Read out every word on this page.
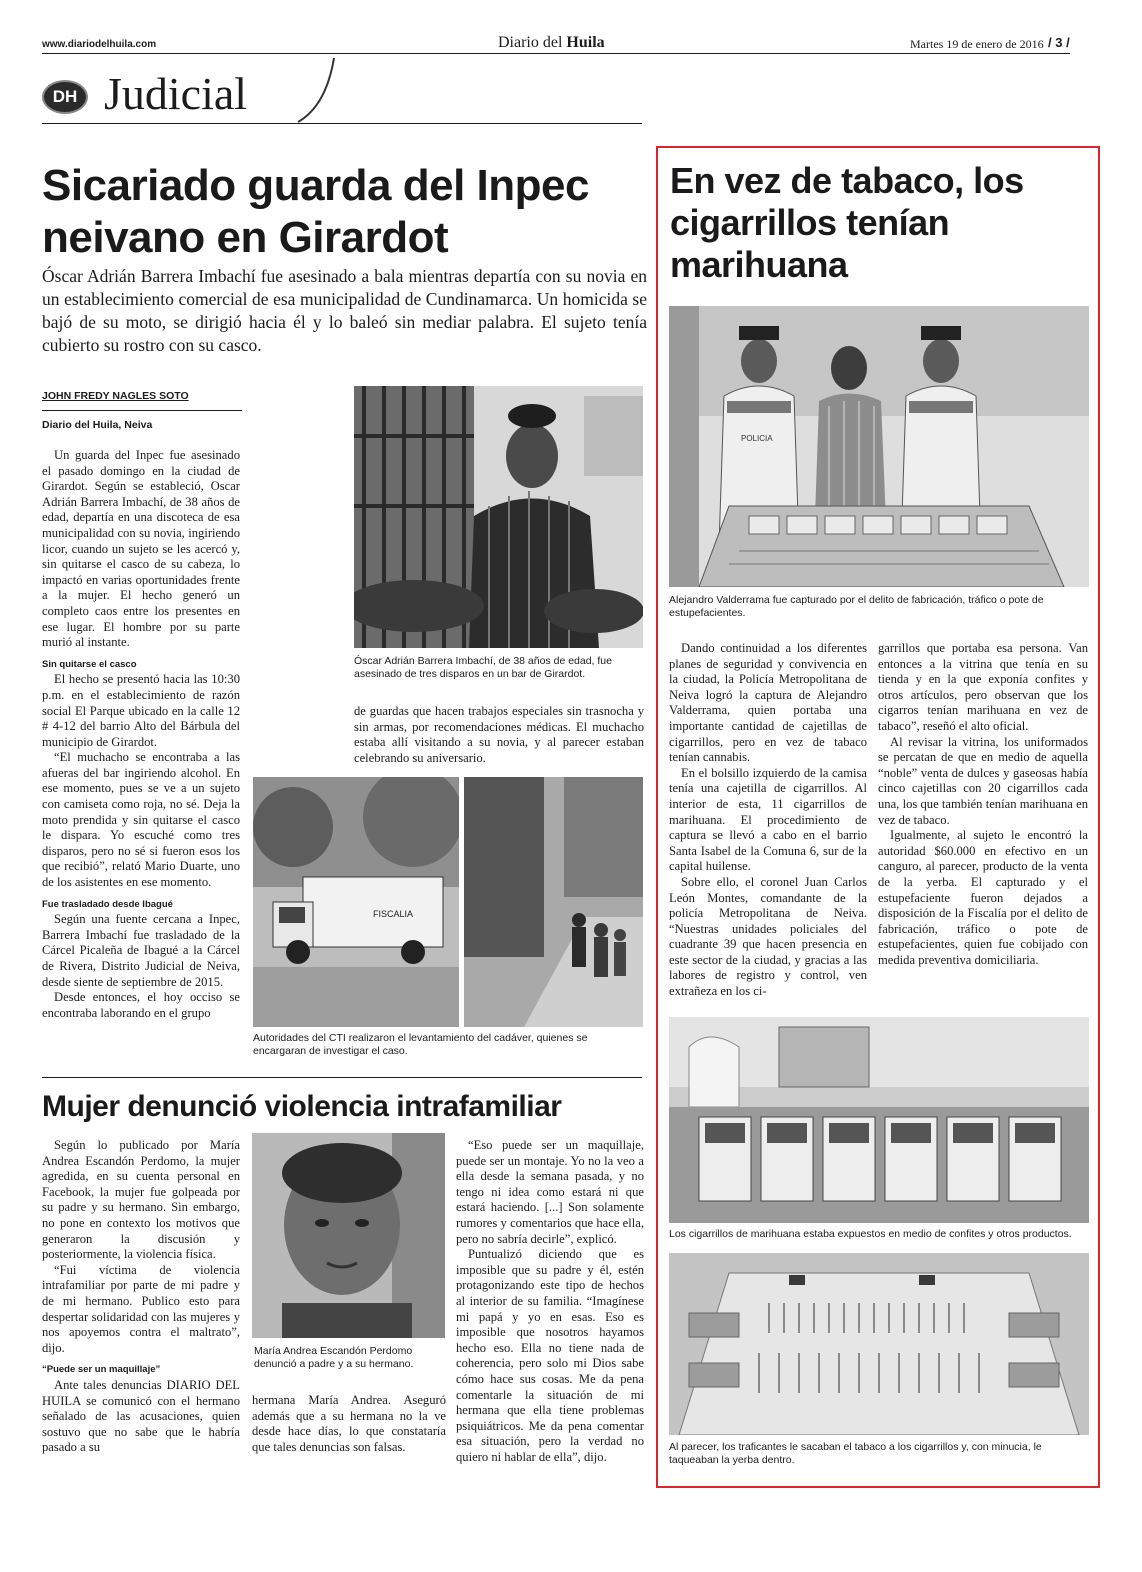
www.diariodelhuila.com	Diario del Huila	Martes 19 de enero de 2016 / 3 /
DH Judicial
Sicariado guarda del Inpec neivano en Girardot
Óscar Adrián Barrera Imbachí fue asesinado a bala mientras departía con su novia en un establecimiento comercial de esa municipalidad de Cundinamarca. Un homicida se bajó de su moto, se dirigió hacia él y lo baleó sin mediar palabra. El sujeto tenía cubierto su rostro con su casco.
JOHN FREDY NAGLES SOTO
Diario del Huila, Neiva

Un guarda del Inpec fue asesinado el pasado domingo en la ciudad de Girardot. Según se estableció, Oscar Adrián Barrera Imbachí, de 38 años de edad, departía en una discoteca de esa municipalidad con su novia, ingiriendo licor, cuando un sujeto se les acercó y, sin quitarse el casco de su cabeza, lo impactó en varias oportunidades frente a la mujer. El hecho generó un completo caos entre los presentes en ese lugar. El hombre por su parte murió al instante.

Sin quitarse el casco

El hecho se presentó hacia las 10:30 p.m. en el establecimiento de razón social El Parque ubicado en la calle 12 # 4-12 del barrio Alto del Bárbula del municipio de Girardot.

“El muchacho se encontraba a las afueras del bar ingiriendo alcohol. En ese momento, pues se ve a un sujeto con camiseta como roja, no sé. Deja la moto prendida y sin quitarse el casco le dispara. Yo escuché como tres disparos, pero no sé si fueron esos los que recibió”, relató Mario Duarte, uno de los asistentes en ese momento.

Fue trasladado desde Ibagué

Según una fuente cercana a Inpec, Barrera Imbachí fue trasladado de la Cárcel Picaleña de Ibagué a la Cárcel de Rivera, Distrito Judicial de Neiva, desde siente de septiembre de 2015.

Desde entonces, el hoy occiso se encontraba laborando en el grupo

Óscar Adrián Barrera Imbachí, de 38 años de edad, fue asesinado de tres disparos en un bar de Girardot.

de guardas que hacen trabajos especiales sin trasnocha y sin armas, por recomendaciones médicas. El muchacho estaba allí visitando a su novia, y al parecer estaban celebrando su aniversario.

FISCALIA
Autoridades del CTI realizaron el levantamiento del cadáver, quienes se encargaran de investigar el caso.
En vez de tabaco, los cigarrillos tenían marihuana
POLICIA
Alejandro Valderrama fue capturado por el delito de fabricación, tráfico o pote de estupefacientes.

Dando continuidad a los diferentes planes de seguridad y convivencia en la ciudad, la Policía Metropolitana de Neiva logró la captura de Alejandro Valderrama, quien portaba una importante cantidad de cajetillas de cigarrillos, pero en vez de tabaco tenían cannabis.

En el bolsillo izquierdo de la camisa tenía una cajetilla de cigarrillos. Al interior de esta, 11 cigarrillos de marihuana. El procedimiento de captura se llevó a cabo en el barrio Santa Isabel de la Comuna 6, sur de la capital huilense.

Sobre ello, el coronel Juan Carlos León Montes, comandante de la policía Metropolitana de Neiva. “Nuestras unidades policiales del cuadrante 39 que hacen presencia en este sector de la ciudad, y gracias a las labores de registro y control, ven extrañeza en los ci-

garrillos que portaba esa persona. Van entonces a la vitrina que tenía en su tienda y en la que exponía confites y otros artículos, pero observan que los cigarros tenían marihuana en vez de tabaco”, reseñó el alto oficial.

Al revisar la vitrina, los uniformados se percatan de que en medio de aquella “noble” venta de dulces y gaseosas había cinco cajetillas con 20 cigarrillos cada una, los que también tenían marihuana en vez de tabaco.

Igualmente, al sujeto le encontró la autoridad $60.000 en efectivo en un canguro, al parecer, producto de la venta de la yerba. El capturado y el estupefaciente fueron dejados a disposición de la Fiscalía por el delito de fabricación, tráfico o pote de estupefacientes, quien fue cobijado con medida preventiva domiciliaria.

Los cigarrillos de marihuana estaba expuestos en medio de confites y otros productos.
Al parecer, los traficantes le sacaban el tabaco a los cigarrillos y, con minucia, le taqueaban la yerba dentro.
Mujer denunció violencia intrafamiliar

Según lo publicado por María Andrea Escandón Perdomo, la mujer agredida, en su cuenta personal en Facebook, la mujer fue golpeada por su padre y su hermano. Sin embargo, no pone en contexto los motivos que generaron la discusión y posteriormente, la violencia física.

“Fui víctima de violencia intrafamiliar por parte de mi padre y de mi hermano. Publico esto para despertar solidaridad con las mujeres y nos apoyemos contra el maltrato”, dijo.

“Puede ser un maquillaje”

Ante tales denuncias DIARIO DEL HUILA se comunicó con el hermano señalado de las acusaciones, quien sostuvo que no sabe que le habría pasado a su

María Andrea Escandón Perdomo denunció a padre y a su hermano.

hermana María Andrea. Aseguró además que a su hermana no la ve desde hace días, lo que constataría que tales denuncias son falsas.

“Eso puede ser un maquillaje, puede ser un montaje. Yo no la veo a ella desde la semana pasada, y no tengo ni idea como estará ni que estará haciendo. [...] Son solamente rumores y comentarios que hace ella, pero no sabría decirle”, explicó.

Puntualizó diciendo que es imposible que su padre y él, estén protagonizando este tipo de hechos al interior de su familia. “Imagínese mi papá y yo en esas. Eso es imposible que nosotros hayamos hecho eso. Ella no tiene nada de coherencia, pero solo mi Dios sabe cómo hace sus cosas. Me da pena comentarle la situación de mi hermana que ella tiene problemas psiquiátricos. Me da pena comentar esa situación, pero la verdad no quiero ni hablar de ella”, dijo.
